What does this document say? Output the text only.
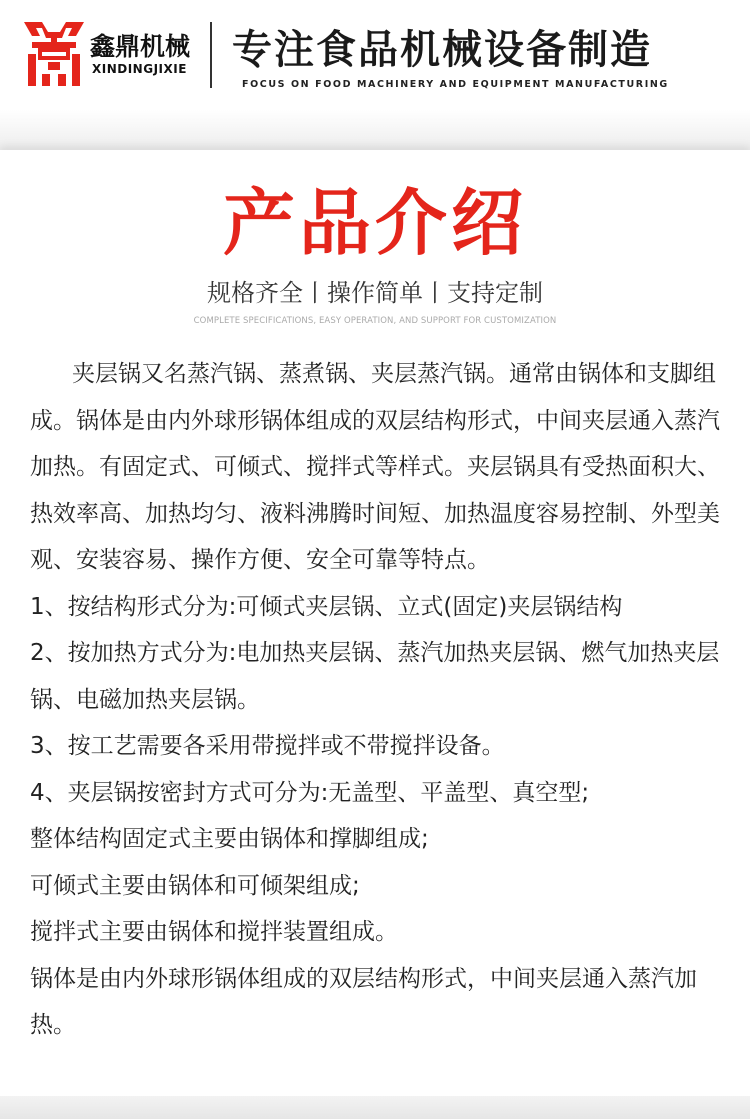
鑫鼎机械
XINDINGJIXIE 专注食品机械设备制造
FOCUS ON FOOD MACHINERY AND EQUIPMENT MANUFACTURING
产品介绍
规格齐全丨操作简单丨支持定制
COMPLETE SPECIFICATIONS, EASY OPERATION, AND SUPPORT FOR CUSTOMIZATION

夹层锅又名蒸汽锅、蒸煮锅、夹层蒸汽锅。通常由锅体和支脚组成。锅体是由内外球形锅体组成的双层结构形式，中间夹层通入蒸汽加热。有固定式、可倾式、搅拌式等样式。夹层锅具有受热面积大、热效率高、加热均匀、液料沸腾时间短、加热温度容易控制、外型美观、安装容易、操作方便、安全可靠等特点。

1、按结构形式分为:可倾式夹层锅、立式(固定)夹层锅结构

2、按加热方式分为:电加热夹层锅、蒸汽加热夹层锅、燃气加热夹层锅、电磁加热夹层锅。

3、按工艺需要各采用带搅拌或不带搅拌设备。

4、夹层锅按密封方式可分为:无盖型、平盖型、真空型;

整体结构固定式主要由锅体和撑脚组成;

可倾式主要由锅体和可倾架组成;

搅拌式主要由锅体和搅拌装置组成。

锅体是由内外球形锅体组成的双层结构形式，中间夹层通入蒸汽加热。
